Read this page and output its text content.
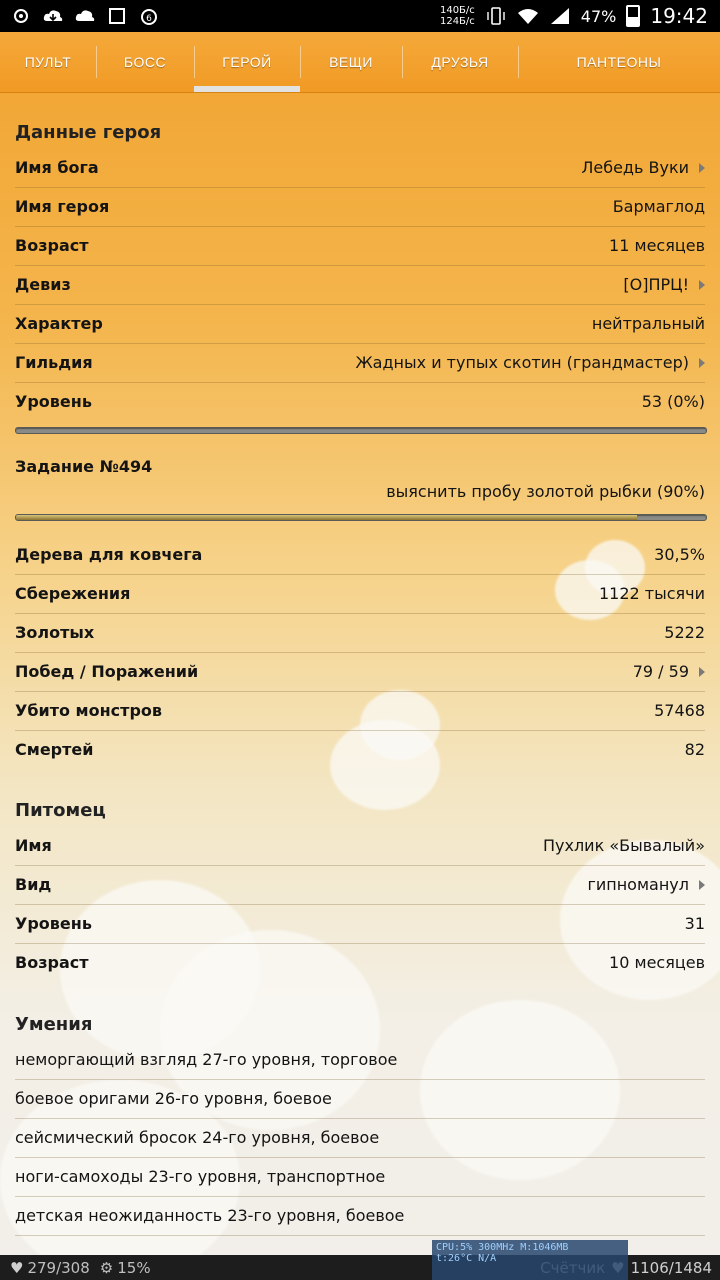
6
140Б/с
124Б/с	47% 19:42
ПУЛЬТ	БОСС	ГЕРОЙ	ВЕЩИ	ДРУЗЬЯ	ПАНТЕОНЫ
Данные героя
Имя бога	Лебедь Вуки
Имя героя	Бармаглод
Возраст	11 месяцев
Девиз	[О]ПРЦ!
Характер	нейтральный
Гильдия	Жадных и тупых скотин (грандмастер)
Уровень	53 (0%)
Задание №494
выяснить пробу золотой рыбки (90%)
Дерева для ковчега	30,5%
Сбережения	1122 тысячи
Золотых	5222
Побед / Поражений	79 / 59
Убито монстров	57468
Смертей	82
Питомец
Имя	Пухлик «Бывалый»
Вид	гипноманул
Уровень	31
Возраст	10 месяцев
Умения
неморгающий взгляд 27-го уровня, торговое
боевое оригами 26-го уровня, боевое
сейсмический бросок 24-го уровня, боевое
ноги-самоходы 23-го уровня, транспортное
детская неожиданность 23-го уровня, боевое
♥ 279/308 ⚙ 15%	1106/1484
CPU:5% 300MHz M:1046MB
t:26°C N/A
